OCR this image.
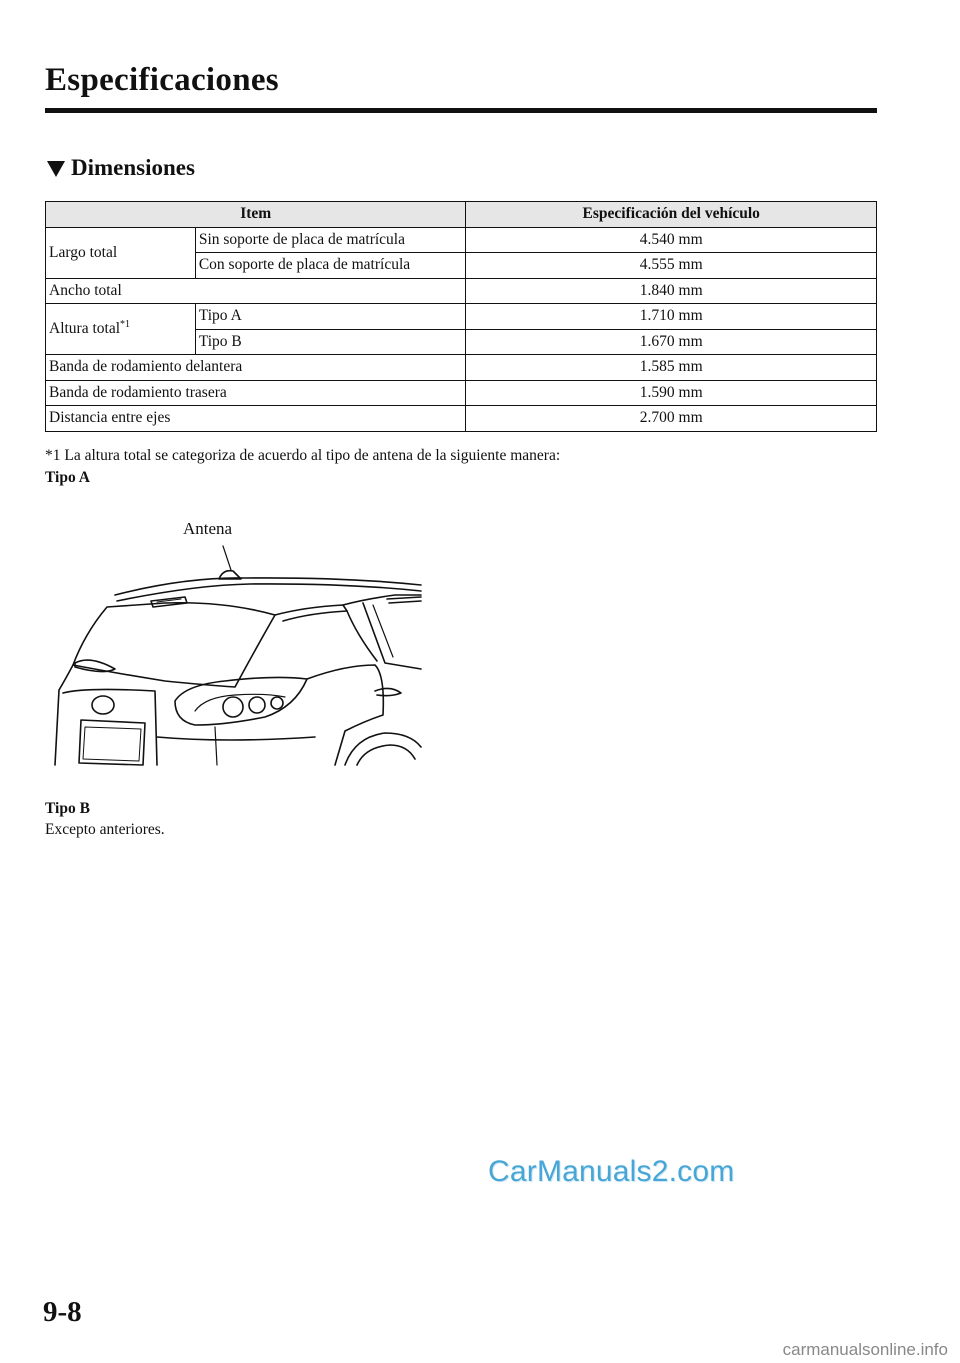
Especificaciones
Dimensiones
Item		Especificación del vehículo
Largo total	Sin soporte de placa de matrícula	4.540 mm
	Con soporte de placa de matrícula	4.555 mm
Ancho total		1.840 mm
Altura total$^{*1}$	Tipo A	1.710 mm
	Tipo B	1.670 mm
Banda de rodamiento delantera		1.585 mm
Banda de rodamiento trasera		1.590 mm
Distancia entre ejes		2.700 mm
*1 La altura total se categoriza de acuerdo al tipo de antena de la siguiente manera:
Tipo A
Antena
Tipo B
Excepto anteriores.
CarManuals2.com
9-8
carmanualsonline.info
